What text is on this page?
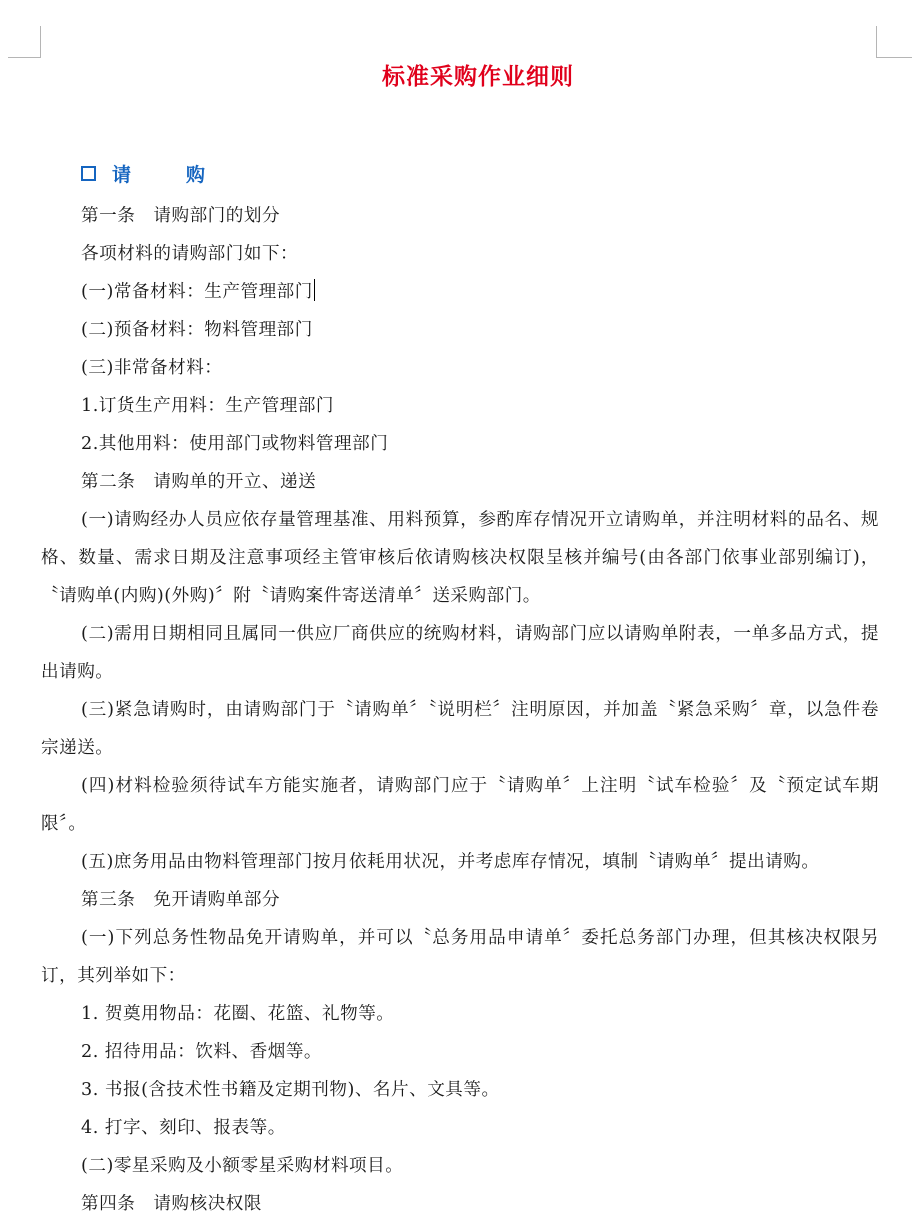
标准采购作业细则
请　购

第一条　请购部门的划分

各项材料的请购部门如下：

(一)常备材料：生产管理部门

(二)预备材料：物料管理部门

(三)非常备材料：

1.订货生产用料：生产管理部门

2.其他用料：使用部门或物料管理部门

第二条　请购单的开立、递送

(一)请购经办人员应依存量管理基准、用料预算，参酌库存情况开立请购单，并注明材料的品名、规格、数量、需求日期及注意事项经主管审核后依请购核决权限呈核并编号(由各部门依事业部别编订)，〝请购单(内购)(外购)〞附〝请购案件寄送清单〞送采购部门。

(二)需用日期相同且属同一供应厂商供应的统购材料，请购部门应以请购单附表，一单多品方式，提出请购。

(三)紧急请购时，由请购部门于〝请购单〞〝说明栏〞注明原因，并加盖〝紧急采购〞章，以急件卷宗递送。

(四)材料检验须待试车方能实施者，请购部门应于〝请购单〞上注明〝试车检验〞及〝预定试车期限〞。

(五)庶务用品由物料管理部门按月依耗用状况，并考虑库存情况，填制〝请购单〞提出请购。

第三条　免开请购单部分

(一)下列总务性物品免开请购单，并可以〝总务用品申请单〞委托总务部门办理，但其核决权限另订，其列举如下：

1. 贺奠用物品：花圈、花篮、礼物等。

2. 招待用品：饮料、香烟等。

3. 书报(含技术性书籍及定期刊物)、名片、文具等。

4. 打字、刻印、报表等。

(二)零星采购及小额零星采购材料项目。

第四条　请购核决权限
